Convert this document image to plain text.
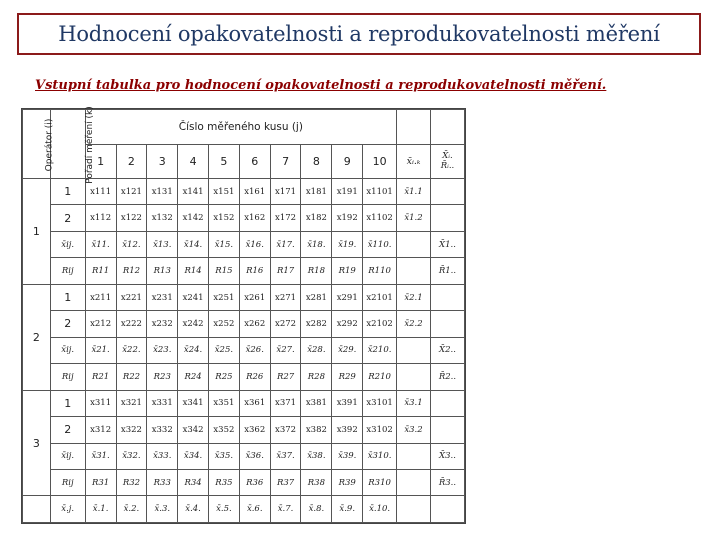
Hodnocení opakovatelnosti a reprodukovatelnosti měření
Vstupní tabulka pro hodnocení opakovatelnosti a reprodukovatelnosti měření.
Operátor (i)	Pořadí měření (k)	Číslo měřeného kusu (j)											
		1	2	3	4	5	6	7	8	9	10	x̄ᵢ.ₖ	X̄ᵢ.
R̄ᵢ..

1	1	x111	x121	x131	x141	x151	x161	x171	x181	x191	x1101	x̄1.1	
	2	x112	x122	x132	x142	x152	x162	x172	x182	x192	x1102	x̄1.2	
	x̄ij.	x̄11.	x̄12.	x̄13.	x̄14.	x̄15.	x̄16.	x̄17.	x̄18.	x̄19.	x̄110.		X̄1..
	Rij	R11	R12	R13	R14	R15	R16	R17	R18	R19	R110		R̄1..
2	1	x211	x221	x231	x241	x251	x261	x271	x281	x291	x2101	x̄2.1	
	2	x212	x222	x232	x242	x252	x262	x272	x282	x292	x2102	x̄2.2	
	x̄ij.	x̄21.	x̄22.	x̄23.	x̄24.	x̄25.	x̄26.	x̄27.	x̄28.	x̄29.	x̄210.		X̄2..
	Rij	R21	R22	R23	R24	R25	R26	R27	R28	R29	R210		R̄2..
3	1	x311	x321	x331	x341	x351	x361	x371	x381	x391	x3101	x̄3.1	
	2	x312	x322	x332	x342	x352	x362	x372	x382	x392	x3102	x̄3.2	
	x̄ij.	x̄31.	x̄32.	x̄33.	x̄34.	x̄35.	x̄36.	x̄37.	x̄38.	x̄39.	x̄310.		X̄3..
	Rij	R31	R32	R33	R34	R35	R36	R37	R38	R39	R310		R̄3..
	x̄.j.	x̄.1.	x̄.2.	x̄.3.	x̄.4.	x̄.5.	x̄.6.	x̄.7.	x̄.8.	x̄.9.	x̄.10.		
